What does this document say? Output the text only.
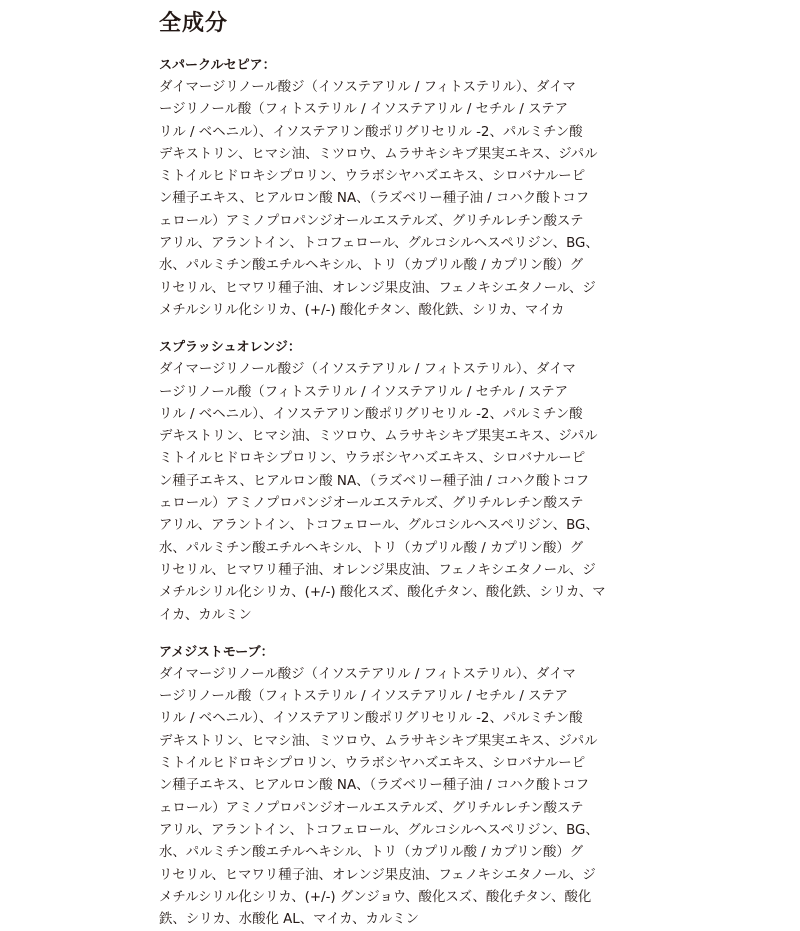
全成分
スパークルセピア：
ダイマージリノール酸ジ（イソステアリル / フィトステリル）、ダイマ
ージリノール酸（フィトステリル / イソステアリル / セチル / ステア
リル / ベヘニル）、イソステアリン酸ポリグリセリル -2、パルミチン酸
デキストリン、ヒマシ油、ミツロウ、ムラサキシキブ果実エキス、ジパル
ミトイルヒドロキシプロリン、ウラボシヤハズエキス、シロバナルーピ
ン種子エキス、ヒアルロン酸 NA、（ラズベリー種子油 / コハク酸トコフ
ェロール）アミノプロパンジオールエステルズ、グリチルレチン酸ステ
アリル、アラントイン、トコフェロール、グルコシルヘスペリジン、BG、
水、パルミチン酸エチルヘキシル、トリ（カプリル酸 / カプリン酸）グ
リセリル、ヒマワリ種子油、オレンジ果皮油、フェノキシエタノール、ジ
メチルシリル化シリカ、(+/-) 酸化チタン、酸化鉄、シリカ、マイカ
スプラッシュオレンジ：
ダイマージリノール酸ジ（イソステアリル / フィトステリル）、ダイマ
ージリノール酸（フィトステリル / イソステアリル / セチル / ステア
リル / ベヘニル）、イソステアリン酸ポリグリセリル -2、パルミチン酸
デキストリン、ヒマシ油、ミツロウ、ムラサキシキブ果実エキス、ジパル
ミトイルヒドロキシプロリン、ウラボシヤハズエキス、シロバナルーピ
ン種子エキス、ヒアルロン酸 NA、（ラズベリー種子油 / コハク酸トコフ
ェロール）アミノプロパンジオールエステルズ、グリチルレチン酸ステ
アリル、アラントイン、トコフェロール、グルコシルヘスペリジン、BG、
水、パルミチン酸エチルヘキシル、トリ（カプリル酸 / カプリン酸）グ
リセリル、ヒマワリ種子油、オレンジ果皮油、フェノキシエタノール、ジ
メチルシリル化シリカ、(+/-) 酸化スズ、酸化チタン、酸化鉄、シリカ、マ
イカ、カルミン
アメジストモーブ：
ダイマージリノール酸ジ（イソステアリル / フィトステリル）、ダイマ
ージリノール酸（フィトステリル / イソステアリル / セチル / ステア
リル / ベヘニル）、イソステアリン酸ポリグリセリル -2、パルミチン酸
デキストリン、ヒマシ油、ミツロウ、ムラサキシキブ果実エキス、ジパル
ミトイルヒドロキシプロリン、ウラボシヤハズエキス、シロバナルーピ
ン種子エキス、ヒアルロン酸 NA、（ラズベリー種子油 / コハク酸トコフ
ェロール）アミノプロパンジオールエステルズ、グリチルレチン酸ステ
アリル、アラントイン、トコフェロール、グルコシルヘスペリジン、BG、
水、パルミチン酸エチルヘキシル、トリ（カプリル酸 / カプリン酸）グ
リセリル、ヒマワリ種子油、オレンジ果皮油、フェノキシエタノール、ジ
メチルシリル化シリカ、(+/-) グンジョウ、酸化スズ、酸化チタン、酸化
鉄、シリカ、水酸化 AL、マイカ、カルミン
